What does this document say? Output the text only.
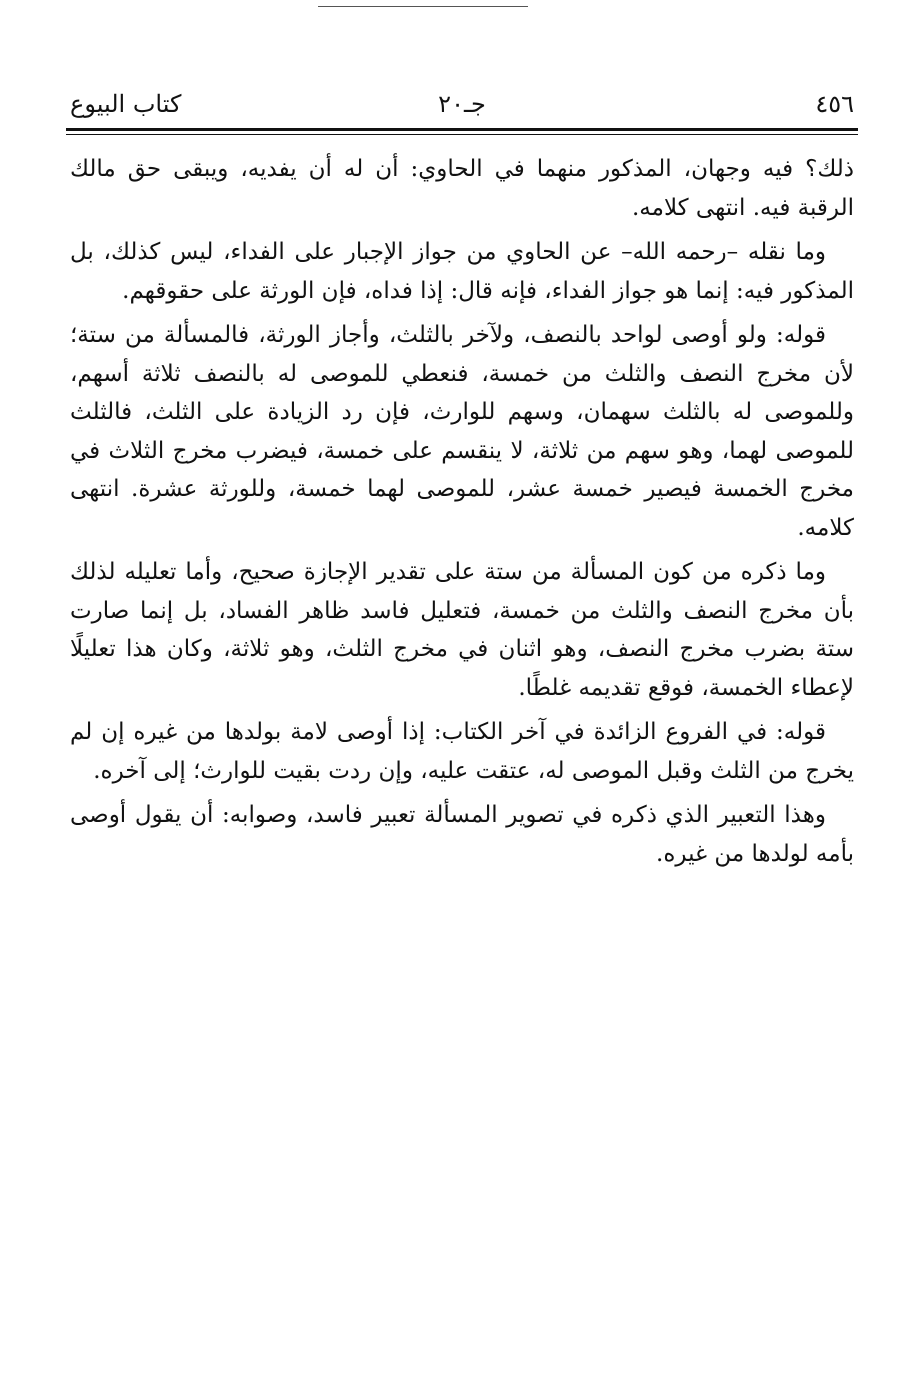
٤٥٦
جـ٢٠
كتاب البيوع

ذلك؟ فيه وجهان، المذكور منهما في الحاوي: أن له أن يفديه، ويبقى حق مالك الرقبة فيه. انتهى كلامه.

وما نقله –رحمه الله– عن الحاوي من جواز الإجبار على الفداء، ليس كذلك، بل المذكور فيه: إنما هو جواز الفداء، فإنه قال: إذا فداه، فإن الورثة على حقوقهم.

قوله: ولو أوصى لواحد بالنصف، ولآخر بالثلث، وأجاز الورثة، فالمسألة من ستة؛ لأن مخرج النصف والثلث من خمسة، فنعطي للموصى له بالنصف ثلاثة أسهم، وللموصى له بالثلث سهمان، وسهم للوارث، فإن رد الزيادة على الثلث، فالثلث للموصى لهما، وهو سهم من ثلاثة، لا ينقسم على خمسة، فيضرب مخرج الثلاث في مخرج الخمسة فيصير خمسة عشر، للموصى لهما خمسة، وللورثة عشرة. انتهى كلامه.

وما ذكره من كون المسألة من ستة على تقدير الإجازة صحيح، وأما تعليله لذلك بأن مخرج النصف والثلث من خمسة، فتعليل فاسد ظاهر الفساد، بل إنما صارت ستة بضرب مخرج النصف، وهو اثنان في مخرج الثلث، وهو ثلاثة، وكان هذا تعليلًا لإعطاء الخمسة، فوقع تقديمه غلطًا.

قوله: في الفروع الزائدة في آخر الكتاب: إذا أوصى لامة بولدها من غيره إن لم يخرج من الثلث وقبل الموصى له، عتقت عليه، وإن ردت بقيت للوارث؛ إلى آخره.

وهذا التعبير الذي ذكره في تصوير المسألة تعبير فاسد، وصوابه: أن يقول أوصى بأمه لولدها من غيره.
